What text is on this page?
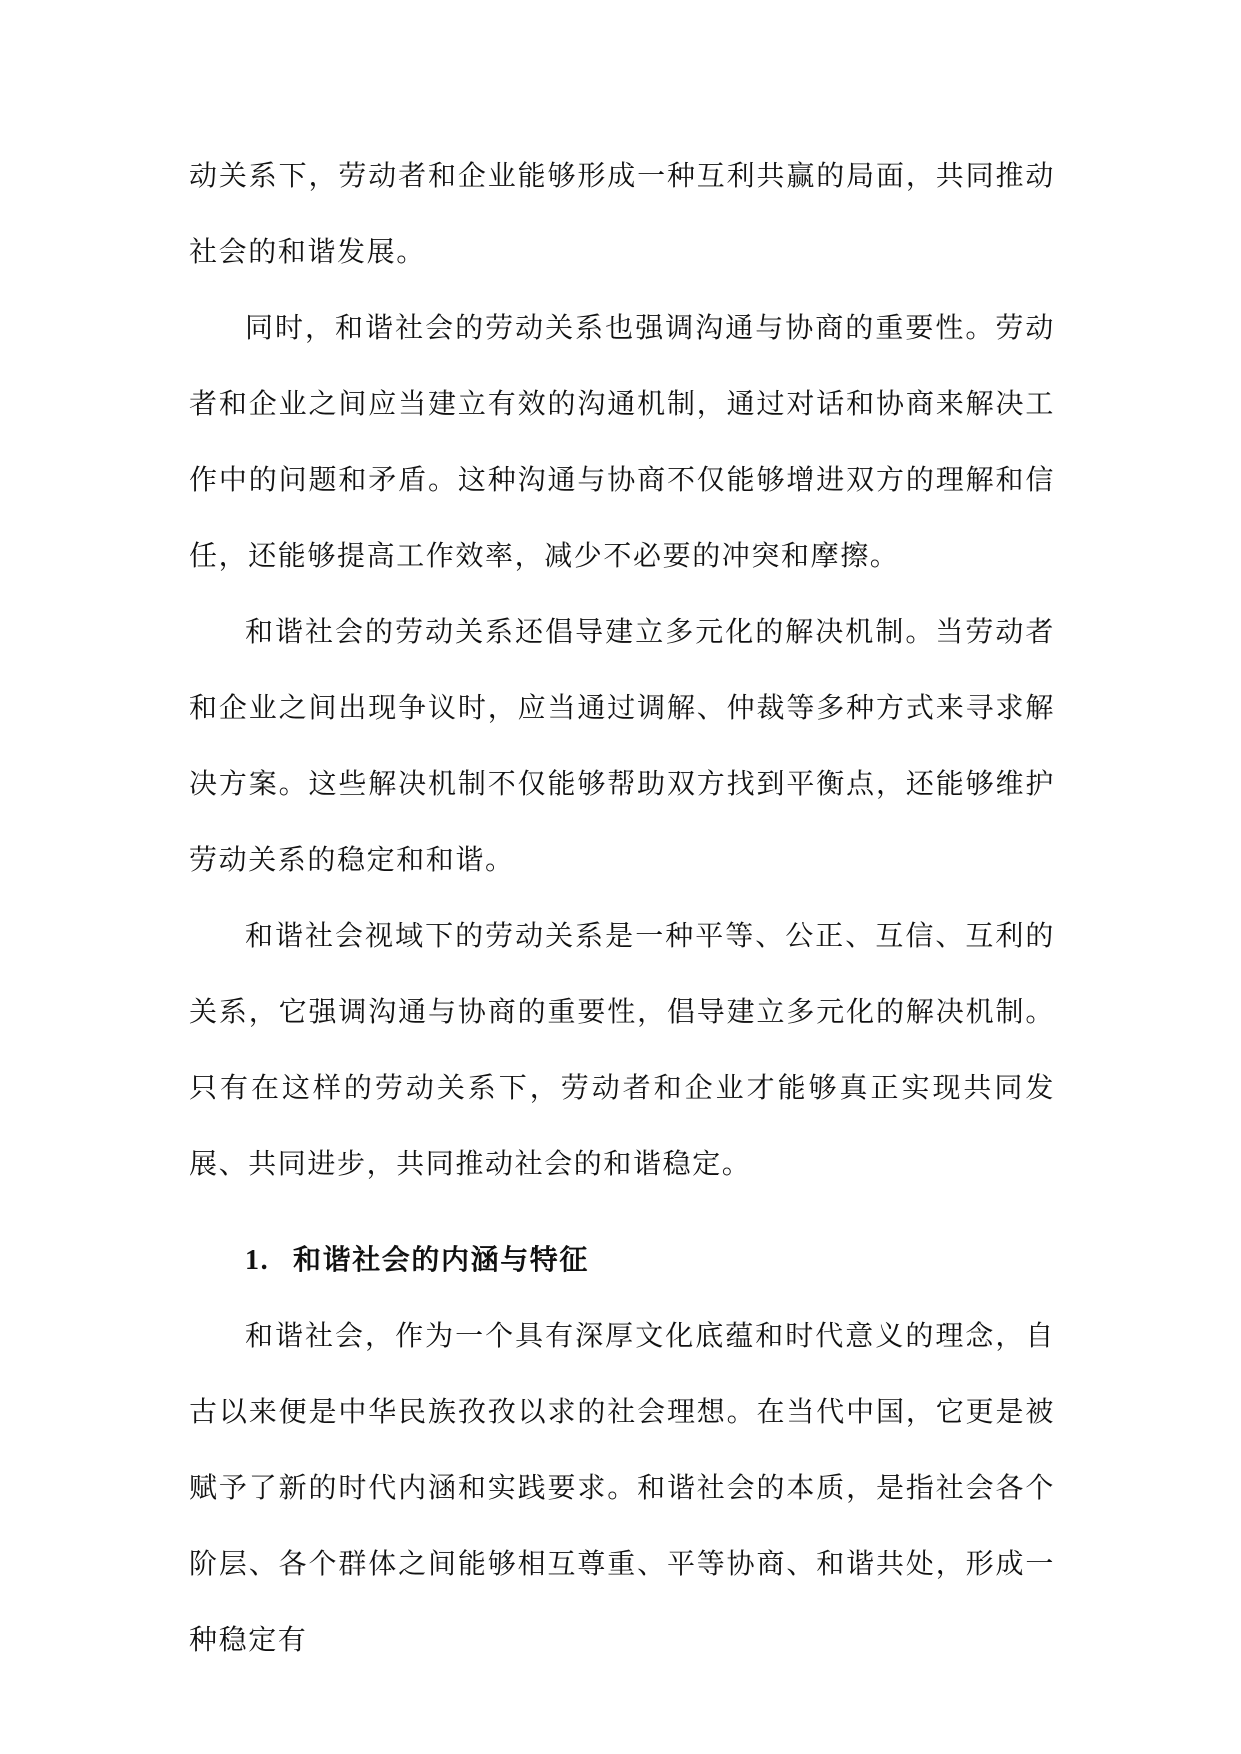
动关系下，劳动者和企业能够形成一种互利共赢的局面，共同推动社会的和谐发展。

同时，和谐社会的劳动关系也强调沟通与协商的重要性。劳动者和企业之间应当建立有效的沟通机制，通过对话和协商来解决工作中的问题和矛盾。这种沟通与协商不仅能够增进双方的理解和信任，还能够提高工作效率，减少不必要的冲突和摩擦。

和谐社会的劳动关系还倡导建立多元化的解决机制。当劳动者和企业之间出现争议时，应当通过调解、仲裁等多种方式来寻求解决方案。这些解决机制不仅能够帮助双方找到平衡点，还能够维护劳动关系的稳定和和谐。

和谐社会视域下的劳动关系是一种平等、公正、互信、互利的关系，它强调沟通与协商的重要性，倡导建立多元化的解决机制。只有在这样的劳动关系下，劳动者和企业才能够真正实现共同发展、共同进步，共同推动社会的和谐稳定。

1. 和谐社会的内涵与特征

和谐社会，作为一个具有深厚文化底蕴和时代意义的理念，自古以来便是中华民族孜孜以求的社会理想。在当代中国，它更是被赋予了新的时代内涵和实践要求。和谐社会的本质，是指社会各个阶层、各个群体之间能够相互尊重、平等协商、和谐共处，形成一种稳定有
